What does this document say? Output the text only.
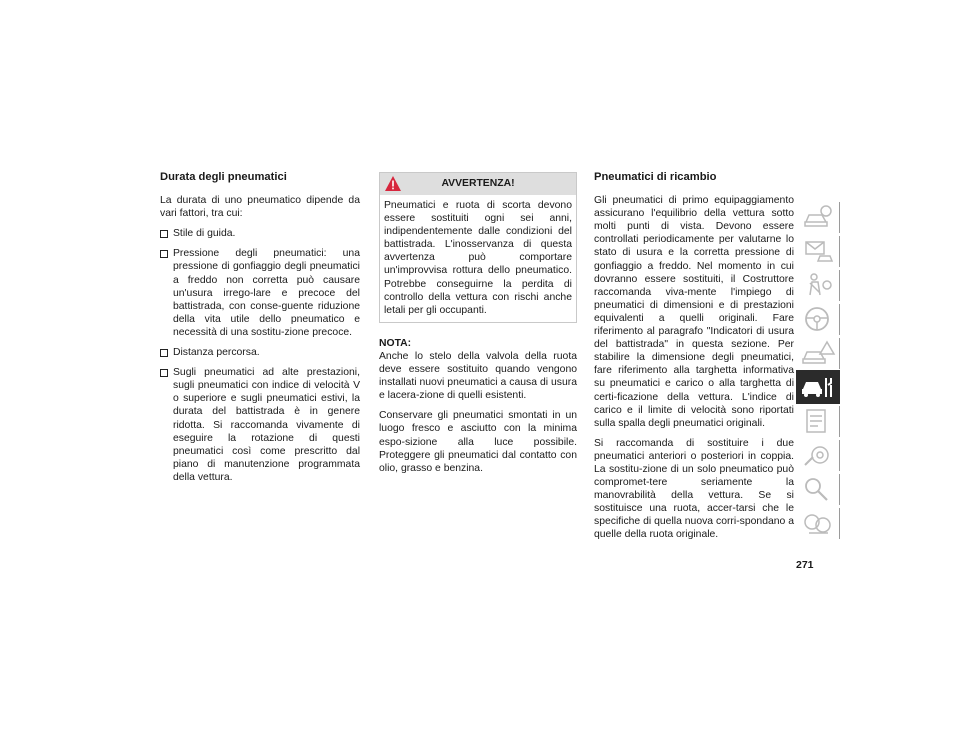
Durata degli pneumatici

La durata di uno pneumatico dipende da vari fattori, tra cui:

Stile di guida.
Pressione degli pneumatici: una pressione di gonfiaggio degli pneumatici a freddo non corretta può causare un'usura irrego-lare e precoce del battistrada, con conse-guente riduzione della vita utile dello pneumatico e necessità di una sostitu-zione precoce.
Distanza percorsa.
Sugli pneumatici ad alte prestazioni, sugli pneumatici con indice di velocità V o superiore e sugli pneumatici estivi, la durata del battistrada è in genere ridotta. Si raccomanda vivamente di eseguire la rotazione di questi pneumatici così come prescritto dal piano di manutenzione programmata della vettura.
AVVERTENZA!
Pneumatici e ruota di scorta devono essere sostituiti ogni sei anni, indipendentemente dalle condizioni del battistrada. L'inosservanza di questa avvertenza può comportare un'improvvisa rottura dello pneumatico. Potrebbe conseguirne la perdita di controllo della vettura con rischi anche letali per gli occupanti.

NOTA:
Anche lo stelo della valvola della ruota deve essere sostituito quando vengono installati nuovi pneumatici a causa di usura e lacera-zione di quelli esistenti.

Conservare gli pneumatici smontati in un luogo fresco e asciutto con la minima espo-sizione alla luce possibile. Proteggere gli pneumatici dal contatto con olio, grasso e benzina.

Pneumatici di ricambio

Gli pneumatici di primo equipaggiamento assicurano l'equilibrio della vettura sotto molti punti di vista. Devono essere controllati periodicamente per valutarne lo stato di usura e la corretta pressione di gonfiaggio a freddo. Nel momento in cui dovranno essere sostituiti, il Costruttore raccomanda viva-mente l'impiego di pneumatici di dimensioni e di prestazioni equivalenti a quelli originali. Fare riferimento al paragrafo "Indicatori di usura del battistrada" in questa sezione. Per stabilire la dimensione degli pneumatici, fare riferimento alla targhetta informativa su pneumatici e carico o alla targhetta di certi-ficazione della vettura. L'indice di carico e il limite di velocità sono riportati sulla spalla degli pneumatici originali.

Si raccomanda di sostituire i due pneumatici anteriori o posteriori in coppia. La sostitu-zione di un solo pneumatico può compromet-tere seriamente la manovrabilità della vettura. Se si sostituisce una ruota, accer-tarsi che le specifiche di quella nuova corri-spondano a quelle della ruota originale.

271
